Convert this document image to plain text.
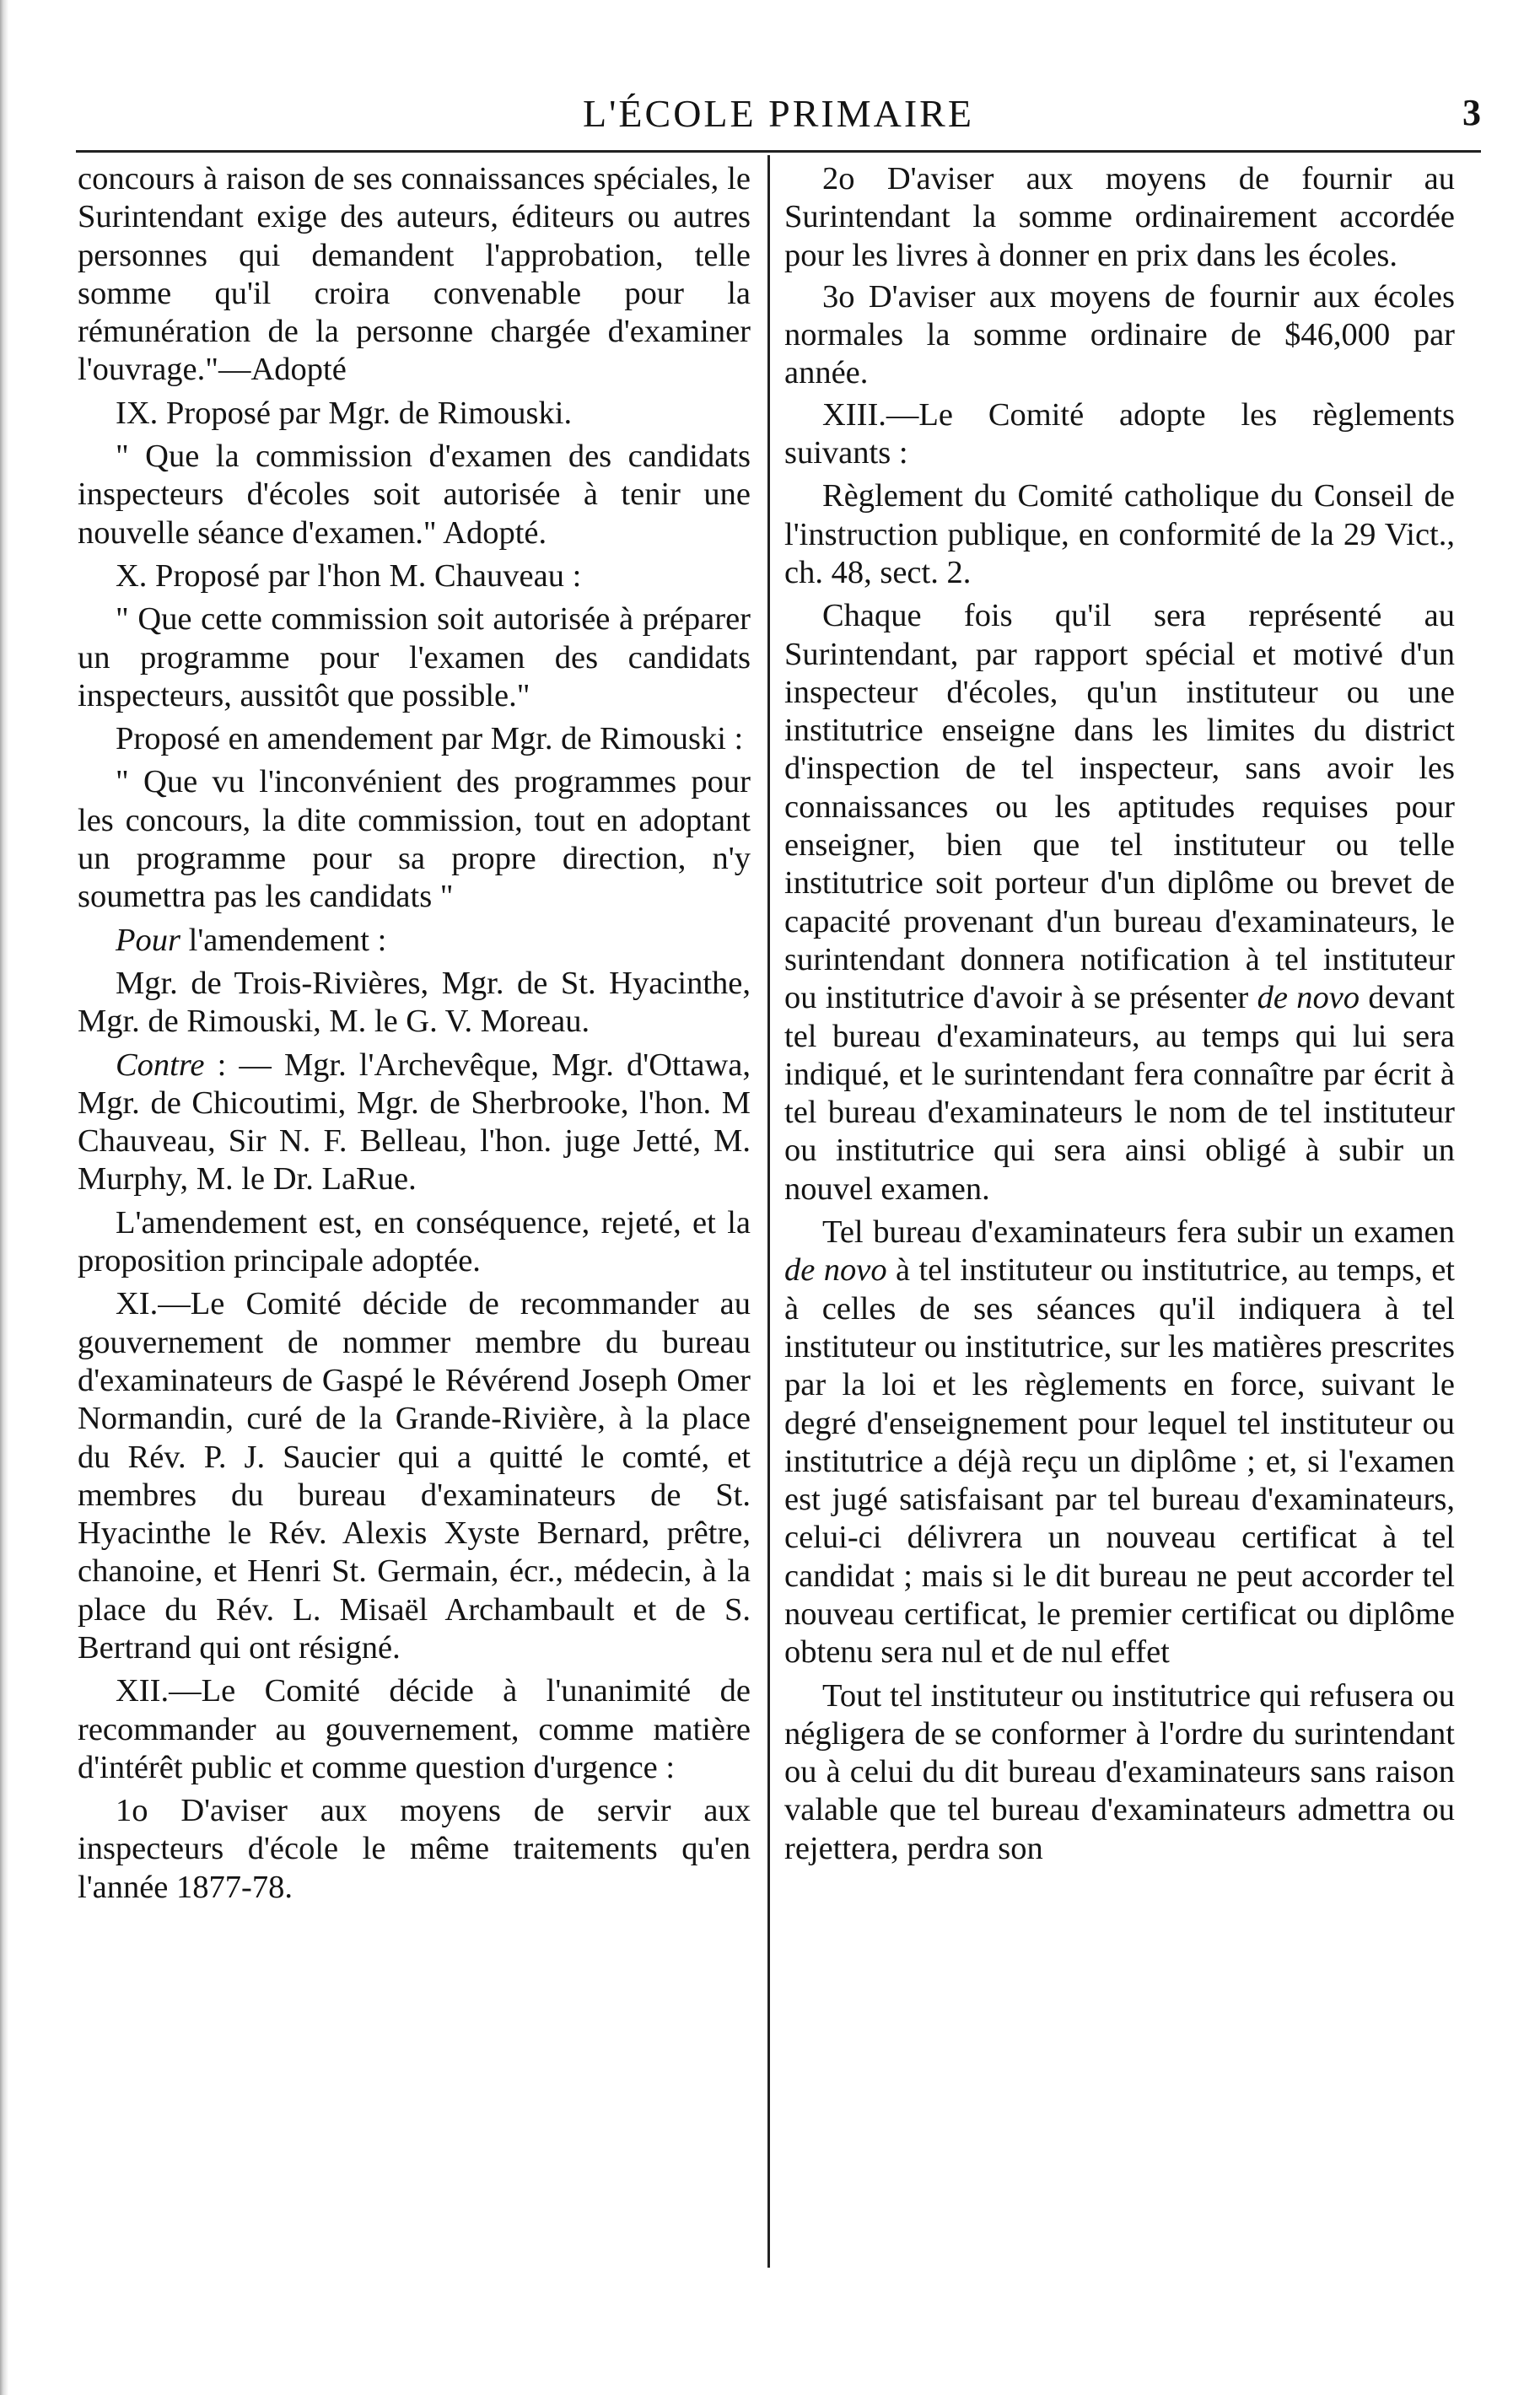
L'ÉCOLE PRIMAIRE	3

concours à raison de ses connaissances spéciales, le Surintendant exige des auteurs, éditeurs ou autres personnes qui demandent l'approbation, telle somme qu'il croira convenable pour la rémunération de la personne chargée d'examiner l'ouvrage."—Adopté

IX. Proposé par Mgr. de Rimouski.

" Que la commission d'examen des candidats inspecteurs d'écoles soit autorisée à tenir une nouvelle séance d'examen." Adopté.

X. Proposé par l'hon M. Chauveau :

" Que cette commission soit autorisée à préparer un programme pour l'examen des candidats inspecteurs, aussitôt que possible."

Proposé en amendement par Mgr. de Rimouski :

" Que vu l'inconvénient des programmes pour les concours, la dite commission, tout en adoptant un programme pour sa propre direction, n'y soumettra pas les candidats "

Pour l'amendement :

Mgr. de Trois-Rivières, Mgr. de St. Hyacinthe, Mgr. de Rimouski, M. le G. V. Moreau.

Contre : — Mgr. l'Archevêque, Mgr. d'Ottawa, Mgr. de Chicoutimi, Mgr. de Sherbrooke, l'hon. M Chauveau, Sir N. F. Belleau, l'hon. juge Jetté, M. Murphy, M. le Dr. LaRue.

L'amendement est, en conséquence, rejeté, et la proposition principale adoptée.

XI.—Le Comité décide de recommander au gouvernement de nommer membre du bureau d'examinateurs de Gaspé le Révérend Joseph Omer Normandin, curé de la Grande-Rivière, à la place du Rév. P. J. Saucier qui a quitté le comté, et membres du bureau d'examinateurs de St. Hyacinthe le Rév. Alexis Xyste Bernard, prêtre, chanoine, et Henri St. Germain, écr., médecin, à la place du Rév. L. Misaël Archambault et de S. Bertrand qui ont résigné.

XII.—Le Comité décide à l'unanimité de recommander au gouvernement, comme matière d'intérêt public et comme question d'urgence :

1o D'aviser aux moyens de servir aux inspecteurs d'école le même traitements qu'en l'année 1877-78.

2o D'aviser aux moyens de fournir au Surintendant la somme ordinairement accordée pour les livres à donner en prix dans les écoles.

3o D'aviser aux moyens de fournir aux écoles normales la somme ordinaire de $46,000 par année.

XIII.—Le Comité adopte les règlements suivants :

Règlement du Comité catholique du Conseil de l'instruction publique, en conformité de la 29 Vict., ch. 48, sect. 2.

Chaque fois qu'il sera représenté au Surintendant, par rapport spécial et motivé d'un inspecteur d'écoles, qu'un instituteur ou une institutrice enseigne dans les limites du district d'inspection de tel inspecteur, sans avoir les connaissances ou les aptitudes requises pour enseigner, bien que tel instituteur ou telle institutrice soit porteur d'un diplôme ou brevet de capacité provenant d'un bureau d'examinateurs, le surintendant donnera notification à tel instituteur ou institutrice d'avoir à se présenter de novo devant tel bureau d'examinateurs, au temps qui lui sera indiqué, et le surintendant fera connaître par écrit à tel bureau d'examinateurs le nom de tel instituteur ou institutrice qui sera ainsi obligé à subir un nouvel examen.

Tel bureau d'examinateurs fera subir un examen de novo à tel instituteur ou institutrice, au temps, et à celles de ses séances qu'il indiquera à tel instituteur ou institutrice, sur les matières prescrites par la loi et les règlements en force, suivant le degré d'enseignement pour lequel tel instituteur ou institutrice a déjà reçu un diplôme ; et, si l'examen est jugé satisfaisant par tel bureau d'examinateurs, celui-ci délivrera un nouveau certificat à tel candidat ; mais si le dit bureau ne peut accorder tel nouveau certificat, le premier certificat ou diplôme obtenu sera nul et de nul effet

Tout tel instituteur ou institutrice qui refusera ou négligera de se conformer à l'ordre du surintendant ou à celui du dit bureau d'examinateurs sans raison valable que tel bureau d'examinateurs admettra ou rejettera, perdra son
